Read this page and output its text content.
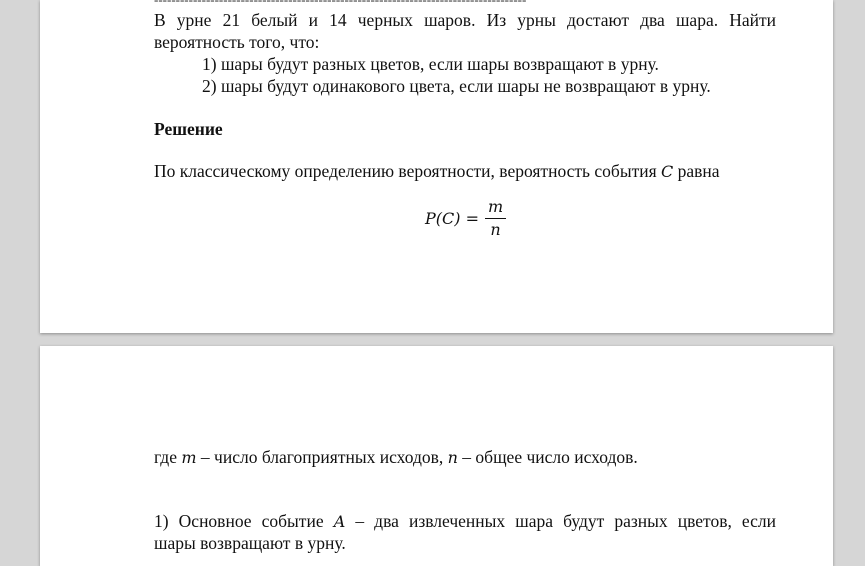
В урне 21 белый и 14 черных шаров. Из урны достают два шара. Найти
вероятность того, что:
1) шары будут разных цветов, если шары возвращают в урну.
2) шары будут одинакового цвета, если шары не возвращают в урну.
Решение
По классическому определению вероятности, вероятность события C равна
$P(C) = \frac{m}{n}$
где m – число благоприятных исходов, n – общее число исходов.
1) Основное событие A – два извлеченных шара будут разных цветов, если
шары возвращают в урну.
